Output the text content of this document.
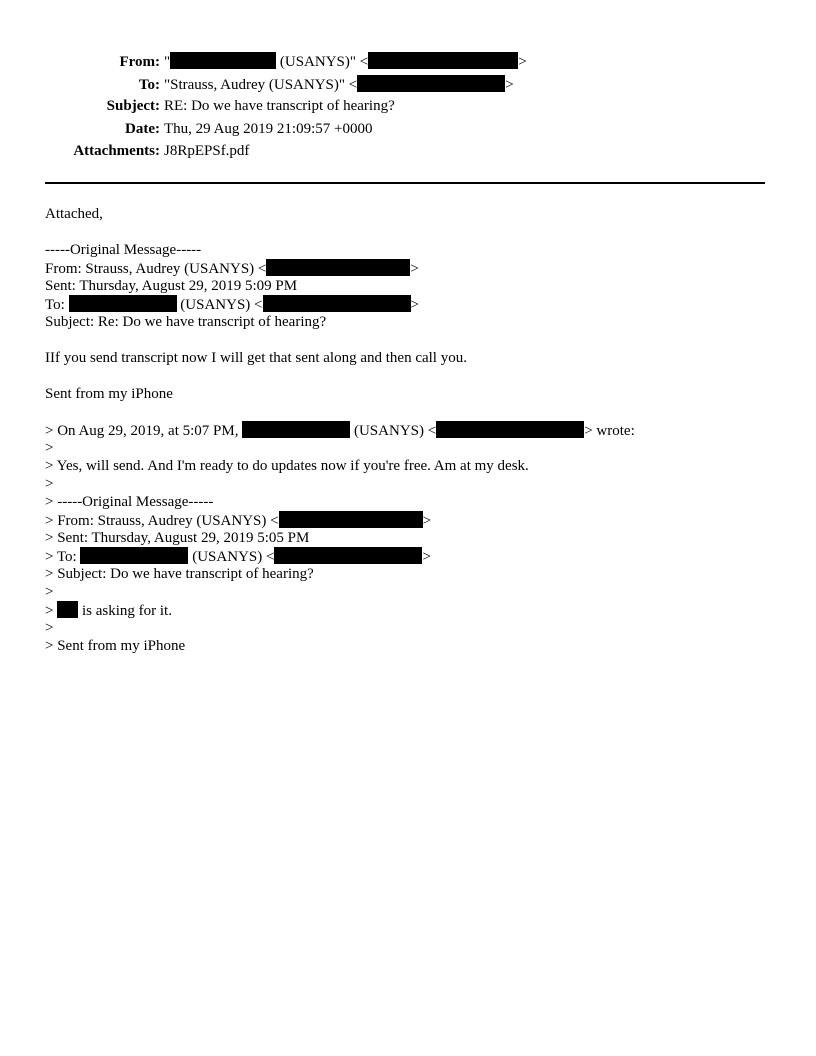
From: "	(USANYS)" <	>
To: "Strauss, Audrey (USANYS)" <	>
Subject: RE: Do we have transcript of hearing?
Date: Thu, 29 Aug 2019 21:09:57 +0000
Attachments: J8RpEPSf.pdf
Attached,
-----Original Message-----
From: Strauss, Audrey (USANYS) <	>
Sent: Thursday, August 29, 2019 5:09 PM
To:	(USANYS) <	>
Subject: Re: Do we have transcript of hearing?
IIf you send transcript now I will get that sent along and then call you.
Sent from my iPhone
> On Aug 29, 2019, at 5:07 PM,	(USANYS) <	> wrote:
>
> Yes, will send. And I'm ready to do updates now if you're free. Am at my desk.
>
> -----Original Message-----
> From: Strauss, Audrey (USANYS) <	>
> Sent: Thursday, August 29, 2019 5:05 PM
> To:	(USANYS) <	>
> Subject: Do we have transcript of hearing?
>
>  is asking for it.
>
> Sent from my iPhone
